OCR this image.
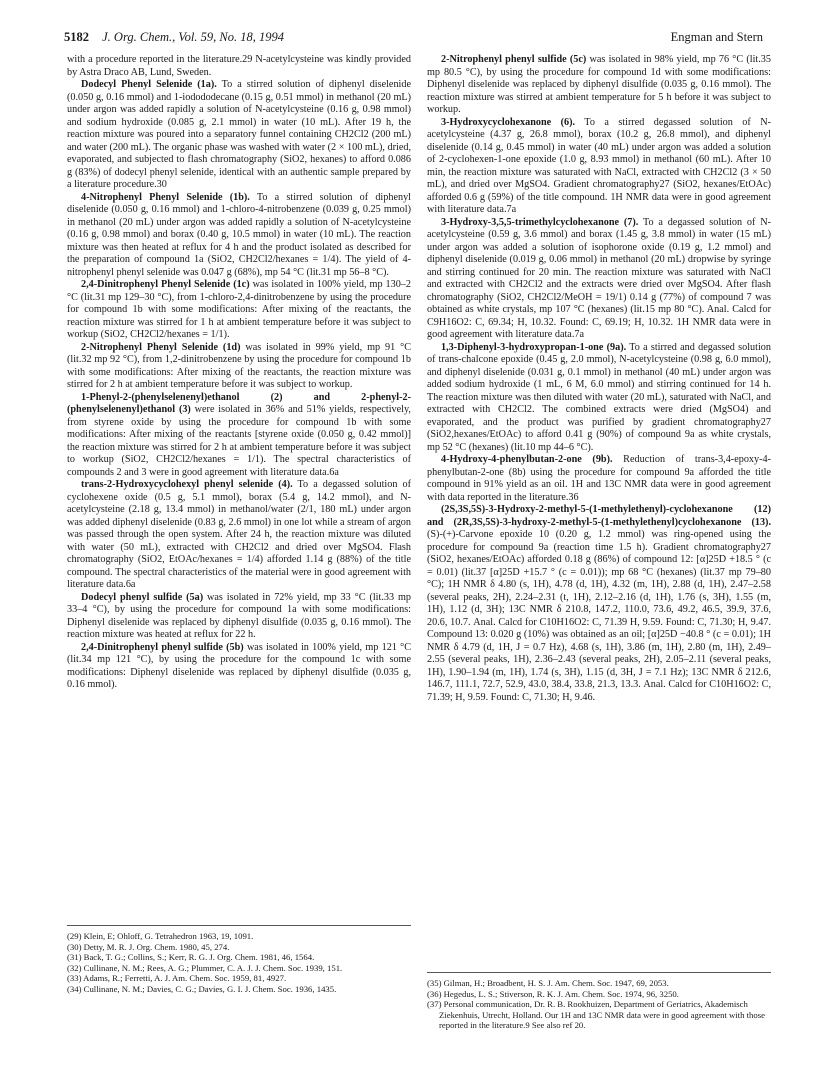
5182 J. Org. Chem., Vol. 59, No. 18, 1994	Engman and Stern

with a procedure reported in the literature.29 N-acetylcysteine was kindly provided by Astra Draco AB, Lund, Sweden.

Dodecyl Phenyl Selenide (1a). To a stirred solution of diphenyl diselenide (0.050 g, 0.16 mmol) and 1-iodododecane (0.15 g, 0.51 mmol) in methanol (20 mL) under argon was added rapidly a solution of N-acetylcysteine (0.16 g, 0.98 mmol) and sodium hydroxide (0.085 g, 2.1 mmol) in water (10 mL). After 19 h, the reaction mixture was poured into a separatory funnel containing CH2Cl2 (200 mL) and water (200 mL). The organic phase was washed with water (2 × 100 mL), dried, evaporated, and subjected to flash chromatography (SiO2, hexanes) to afford 0.086 g (83%) of dodecyl phenyl selenide, identical with an authentic sample prepared by a literature procedure.30

4-Nitrophenyl Phenyl Selenide (1b). To a stirred solution of diphenyl diselenide (0.050 g, 0.16 mmol) and 1-chloro-4-nitrobenzene (0.039 g, 0.25 mmol) in methanol (20 mL) under argon was added rapidly a solution of N-acetylcysteine (0.16 g, 0.98 mmol) and borax (0.40 g, 10.5 mmol) in water (10 mL). The reaction mixture was then heated at reflux for 4 h and the product isolated as described for the preparation of compound 1a (SiO2, CH2Cl2/hexanes = 1/4). The yield of 4-nitrophenyl phenyl selenide was 0.047 g (68%), mp 54 °C (lit.31 mp 56–8 °C).

2,4-Dinitrophenyl Phenyl Selenide (1c) was isolated in 100% yield, mp 130–2 °C (lit.31 mp 129–30 °C), from 1-chloro-2,4-dinitrobenzene by using the procedure for compound 1b with some modifications: After mixing of the reactants, the reaction mixture was stirred for 1 h at ambient temperature before it was subject to workup (SiO2, CH2Cl2/hexanes = 1/1).

2-Nitrophenyl Phenyl Selenide (1d) was isolated in 99% yield, mp 91 °C (lit.32 mp 92 °C), from 1,2-dinitrobenzene by using the procedure for compound 1b with some modifications: After mixing of the reactants, the reaction mixture was stirred for 2 h at ambient temperature before it was subject to workup.

1-Phenyl-2-(phenylselenenyl)ethanol (2) and 2-phenyl-2-(phenylselenenyl)ethanol (3) were isolated in 36% and 51% yields, respectively, from styrene oxide by using the procedure for compound 1b with some modifications: After mixing of the reactants [styrene oxide (0.050 g, 0.42 mmol)] the reaction mixture was stirred for 2 h at ambient temperature before it was subject to workup (SiO2, CH2Cl2/hexanes = 1/1). The spectral characteristics of compounds 2 and 3 were in good agreement with literature data.6a

trans-2-Hydroxycyclohexyl phenyl selenide (4). To a degassed solution of cyclohexene oxide (0.5 g, 5.1 mmol), borax (5.4 g, 14.2 mmol), and N-acetylcysteine (2.18 g, 13.4 mmol) in methanol/water (2/1, 180 mL) under argon was added diphenyl diselenide (0.83 g, 2.6 mmol) in one lot while a stream of argon was passed through the open system. After 24 h, the reaction mixture was diluted with water (50 mL), extracted with CH2Cl2 and dried over MgSO4. Flash chromatography (SiO2, EtOAc/hexanes = 1/4) afforded 1.14 g (88%) of the title compound. The spectral characteristics of the material were in good agreement with literature data.6a

Dodecyl phenyl sulfide (5a) was isolated in 72% yield, mp 33 °C (lit.33 mp 33–4 °C), by using the procedure for compound 1a with some modifications: Diphenyl diselenide was replaced by diphenyl disulfide (0.035 g, 0.16 mmol). The reaction mixture was heated at reflux for 22 h.

2,4-Dinitrophenyl phenyl sulfide (5b) was isolated in 100% yield, mp 121 °C (lit.34 mp 121 °C), by using the procedure for the compound 1c with some modifications: Diphenyl diselenide was replaced by diphenyl disulfide (0.035 g, 0.16 mmol).

2-Nitrophenyl phenyl sulfide (5c) was isolated in 98% yield, mp 76 °C (lit.35 mp 80.5 °C), by using the procedure for compound 1d with some modifications: Diphenyl diselenide was replaced by diphenyl disulfide (0.035 g, 0.16 mmol). The reaction mixture was stirred at ambient temperature for 5 h before it was subject to workup.

3-Hydroxycyclohexanone (6). To a stirred degassed solution of N-acetylcysteine (4.37 g, 26.8 mmol), borax (10.2 g, 26.8 mmol), and diphenyl diselenide (0.14 g, 0.45 mmol) in water (40 mL) under argon was added a solution of 2-cyclohexen-1-one epoxide (1.0 g, 8.93 mmol) in methanol (60 mL). After 10 min, the reaction mixture was saturated with NaCl, extracted with CH2Cl2 (3 × 50 mL), and dried over MgSO4. Gradient chromatography27 (SiO2, hexanes/EtOAc) afforded 0.6 g (59%) of the title compound. 1H NMR data were in good agreement with literature data.7a

3-Hydroxy-3,5,5-trimethylcyclohexanone (7). To a degassed solution of N-acetylcysteine (0.59 g, 3.6 mmol) and borax (1.45 g, 3.8 mmol) in water (15 mL) under argon was added a solution of isophorone oxide (0.19 g, 1.2 mmol) and diphenyl diselenide (0.019 g, 0.06 mmol) in methanol (20 mL) dropwise by syringe and stirring continued for 20 min. The reaction mixture was saturated with NaCl and extracted with CH2Cl2 and the extracts were dried over MgSO4. After flash chromatography (SiO2, CH2Cl2/MeOH = 19/1) 0.14 g (77%) of compound 7 was obtained as white crystals, mp 107 °C (hexanes) (lit.15 mp 80 °C). Anal. Calcd for C9H16O2: C, 69.34; H, 10.32. Found: C, 69.19; H, 10.32. 1H NMR data were in good agreement with literature data.7a

1,3-Diphenyl-3-hydroxypropan-1-one (9a). To a stirred and degassed solution of trans-chalcone epoxide (0.45 g, 2.0 mmol), N-acetylcysteine (0.98 g, 6.0 mmol), and diphenyl diselenide (0.031 g, 0.1 mmol) in methanol (40 mL) under argon was added sodium hydroxide (1 mL, 6 M, 6.0 mmol) and stirring continued for 14 h. The reaction mixture was then diluted with water (20 mL), saturated with NaCl, and extracted with CH2Cl2. The combined extracts were dried (MgSO4) and evaporated, and the product was purified by gradient chromatography27 (SiO2,hexanes/EtOAc) to afford 0.41 g (90%) of compound 9a as white crystals, mp 52 °C (hexanes) (lit.10 mp 44–6 °C).

4-Hydroxy-4-phenylbutan-2-one (9b). Reduction of trans-3,4-epoxy-4-phenylbutan-2-one (8b) using the procedure for compound 9a afforded the title compound in 91% yield as an oil. 1H and 13C NMR data were in good agreement with data reported in the literature.36

(2S,3S,5S)-3-Hydroxy-2-methyl-5-(1-methylethenyl)-cyclohexanone (12) and (2R,3S,5S)-3-hydroxy-2-methyl-5-(1-methylethenyl)cyclohexanone (13). (S)-(+)-Carvone epoxide 10 (0.20 g, 1.2 mmol) was ring-opened using the procedure for compound 9a (reaction time 1.5 h). Gradient chromatography27 (SiO2, hexanes/EtOAc) afforded 0.18 g (86%) of compound 12: [α]25D +18.5 ° (c = 0.01) (lit.37 [α]25D +15.7 ° (c = 0.01)); mp 68 °C (hexanes) (lit.37 mp 79–80 °C); 1H NMR δ 4.80 (s, 1H), 4.78 (d, 1H), 4.32 (m, 1H), 2.88 (d, 1H), 2.47–2.58 (several peaks, 2H), 2.24–2.31 (t, 1H), 2.12–2.16 (d, 1H), 1.76 (s, 3H), 1.55 (m, 1H), 1.12 (d, 3H); 13C NMR δ 210.8, 147.2, 110.0, 73.6, 49.2, 46.5, 39.9, 37.6, 20.6, 10.7. Anal. Calcd for C10H16O2: C, 71.39 H, 9.59. Found: C, 71.30; H, 9.47. Compound 13: 0.020 g (10%) was obtained as an oil; [α]25D −40.8 ° (c = 0.01); 1H NMR δ 4.79 (d, 1H, J = 0.7 Hz), 4.68 (s, 1H), 3.86 (m, 1H), 2.80 (m, 1H), 2.49–2.55 (several peaks, 1H), 2.36–2.43 (several peaks, 2H), 2.05–2.11 (several peaks, 1H), 1.90–1.94 (m, 1H), 1.74 (s, 3H), 1.15 (d, 3H, J = 7.1 Hz); 13C NMR δ 212.6, 146.7, 111.1, 72.7, 52.9, 43.0, 38.4, 33.8, 21.3, 13.3. Anal. Calcd for C10H16O2: C, 71.39; H, 9.59. Found: C, 71.30; H, 9.46.

(29) Klein, E; Ohloff, G. Tetrahedron 1963, 19, 1091.

(30) Detty, M. R. J. Org. Chem. 1980, 45, 274.

(31) Back, T. G.; Collins, S.; Kerr, R. G. J. Org. Chem. 1981, 46, 1564.

(32) Cullinane, N. M.; Rees, A. G.; Plummer, C. A. J. J. Chem. Soc. 1939, 151.

(33) Adams, R.; Ferretti, A. J. Am. Chem. Soc. 1959, 81, 4927.

(34) Cullinane, N. M.; Davies, C. G.; Davies, G. I. J. Chem. Soc. 1936, 1435.

(35) Gilman, H.; Broadbent, H. S. J. Am. Chem. Soc. 1947, 69, 2053.

(36) Hegedus, L. S.; Stiverson, R. K. J. Am. Chem. Soc. 1974, 96, 3250.

(37) Personal communication, Dr. R. B. Rookhuizen, Department of Geriatrics, Akademisch Ziekenhuis, Utrecht, Holland. Our 1H and 13C NMR data were in good agreement with those reported in the literature.9 See also ref 20.
